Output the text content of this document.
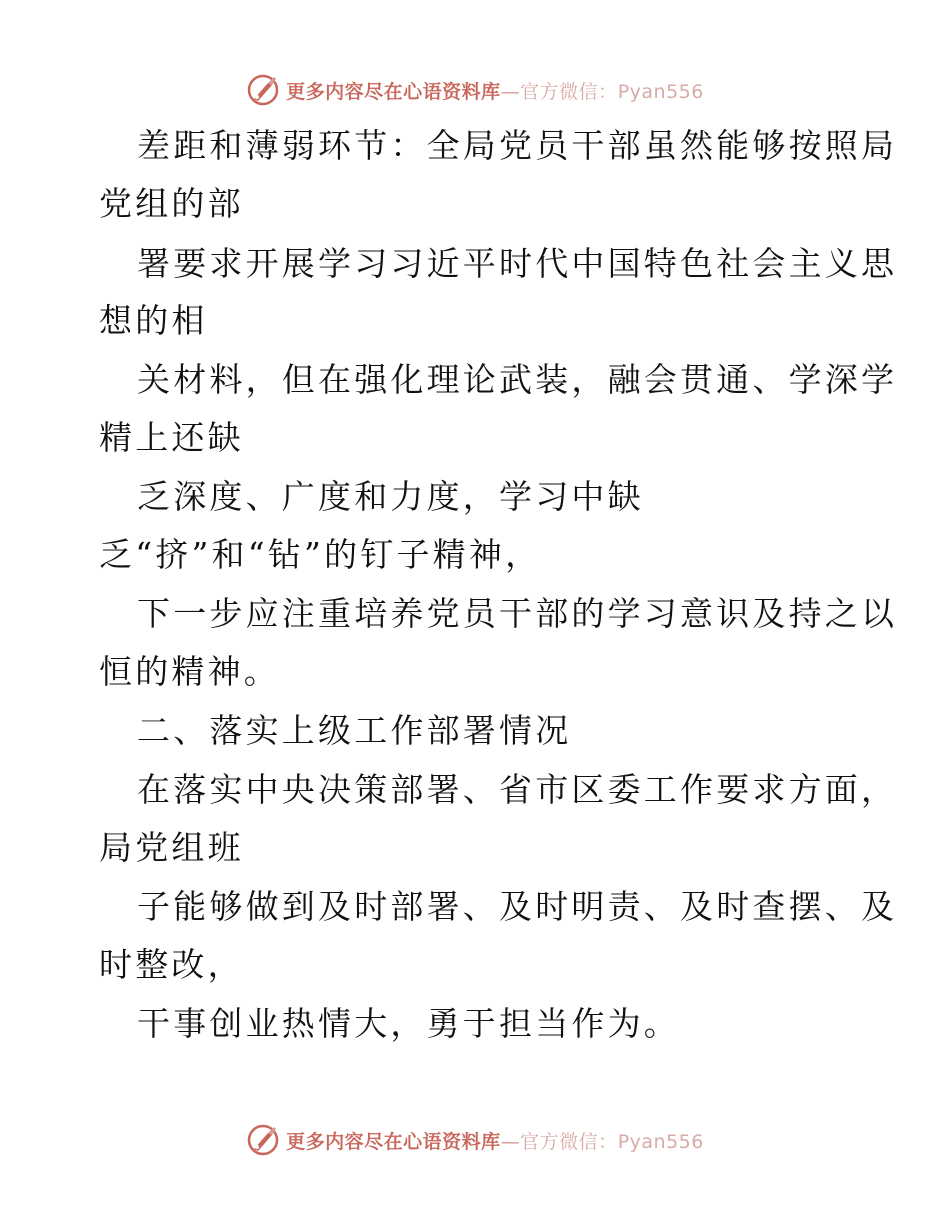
更多内容尽在心语资料库—官方微信：Pyan556
差距和薄弱环节：全局党员干部虽然能够按照局
党组的部
署要求开展学习习近平时代中国特色社会主义思
想的相
关材料，但在强化理论武装，融会贯通、学深学
精上还缺
乏深度、广度和力度，学习中缺
乏“挤”和“钻”的钉子精神，
下一步应注重培养党员干部的学习意识及持之以
恒的精神。
二、落实上级工作部署情况
在落实中央决策部署、省市区委工作要求方面，
局党组班
子能够做到及时部署、及时明责、及时查摆、及
时整改，
干事创业热情大，勇于担当作为。
更多内容尽在心语资料库—官方微信：Pyan556
